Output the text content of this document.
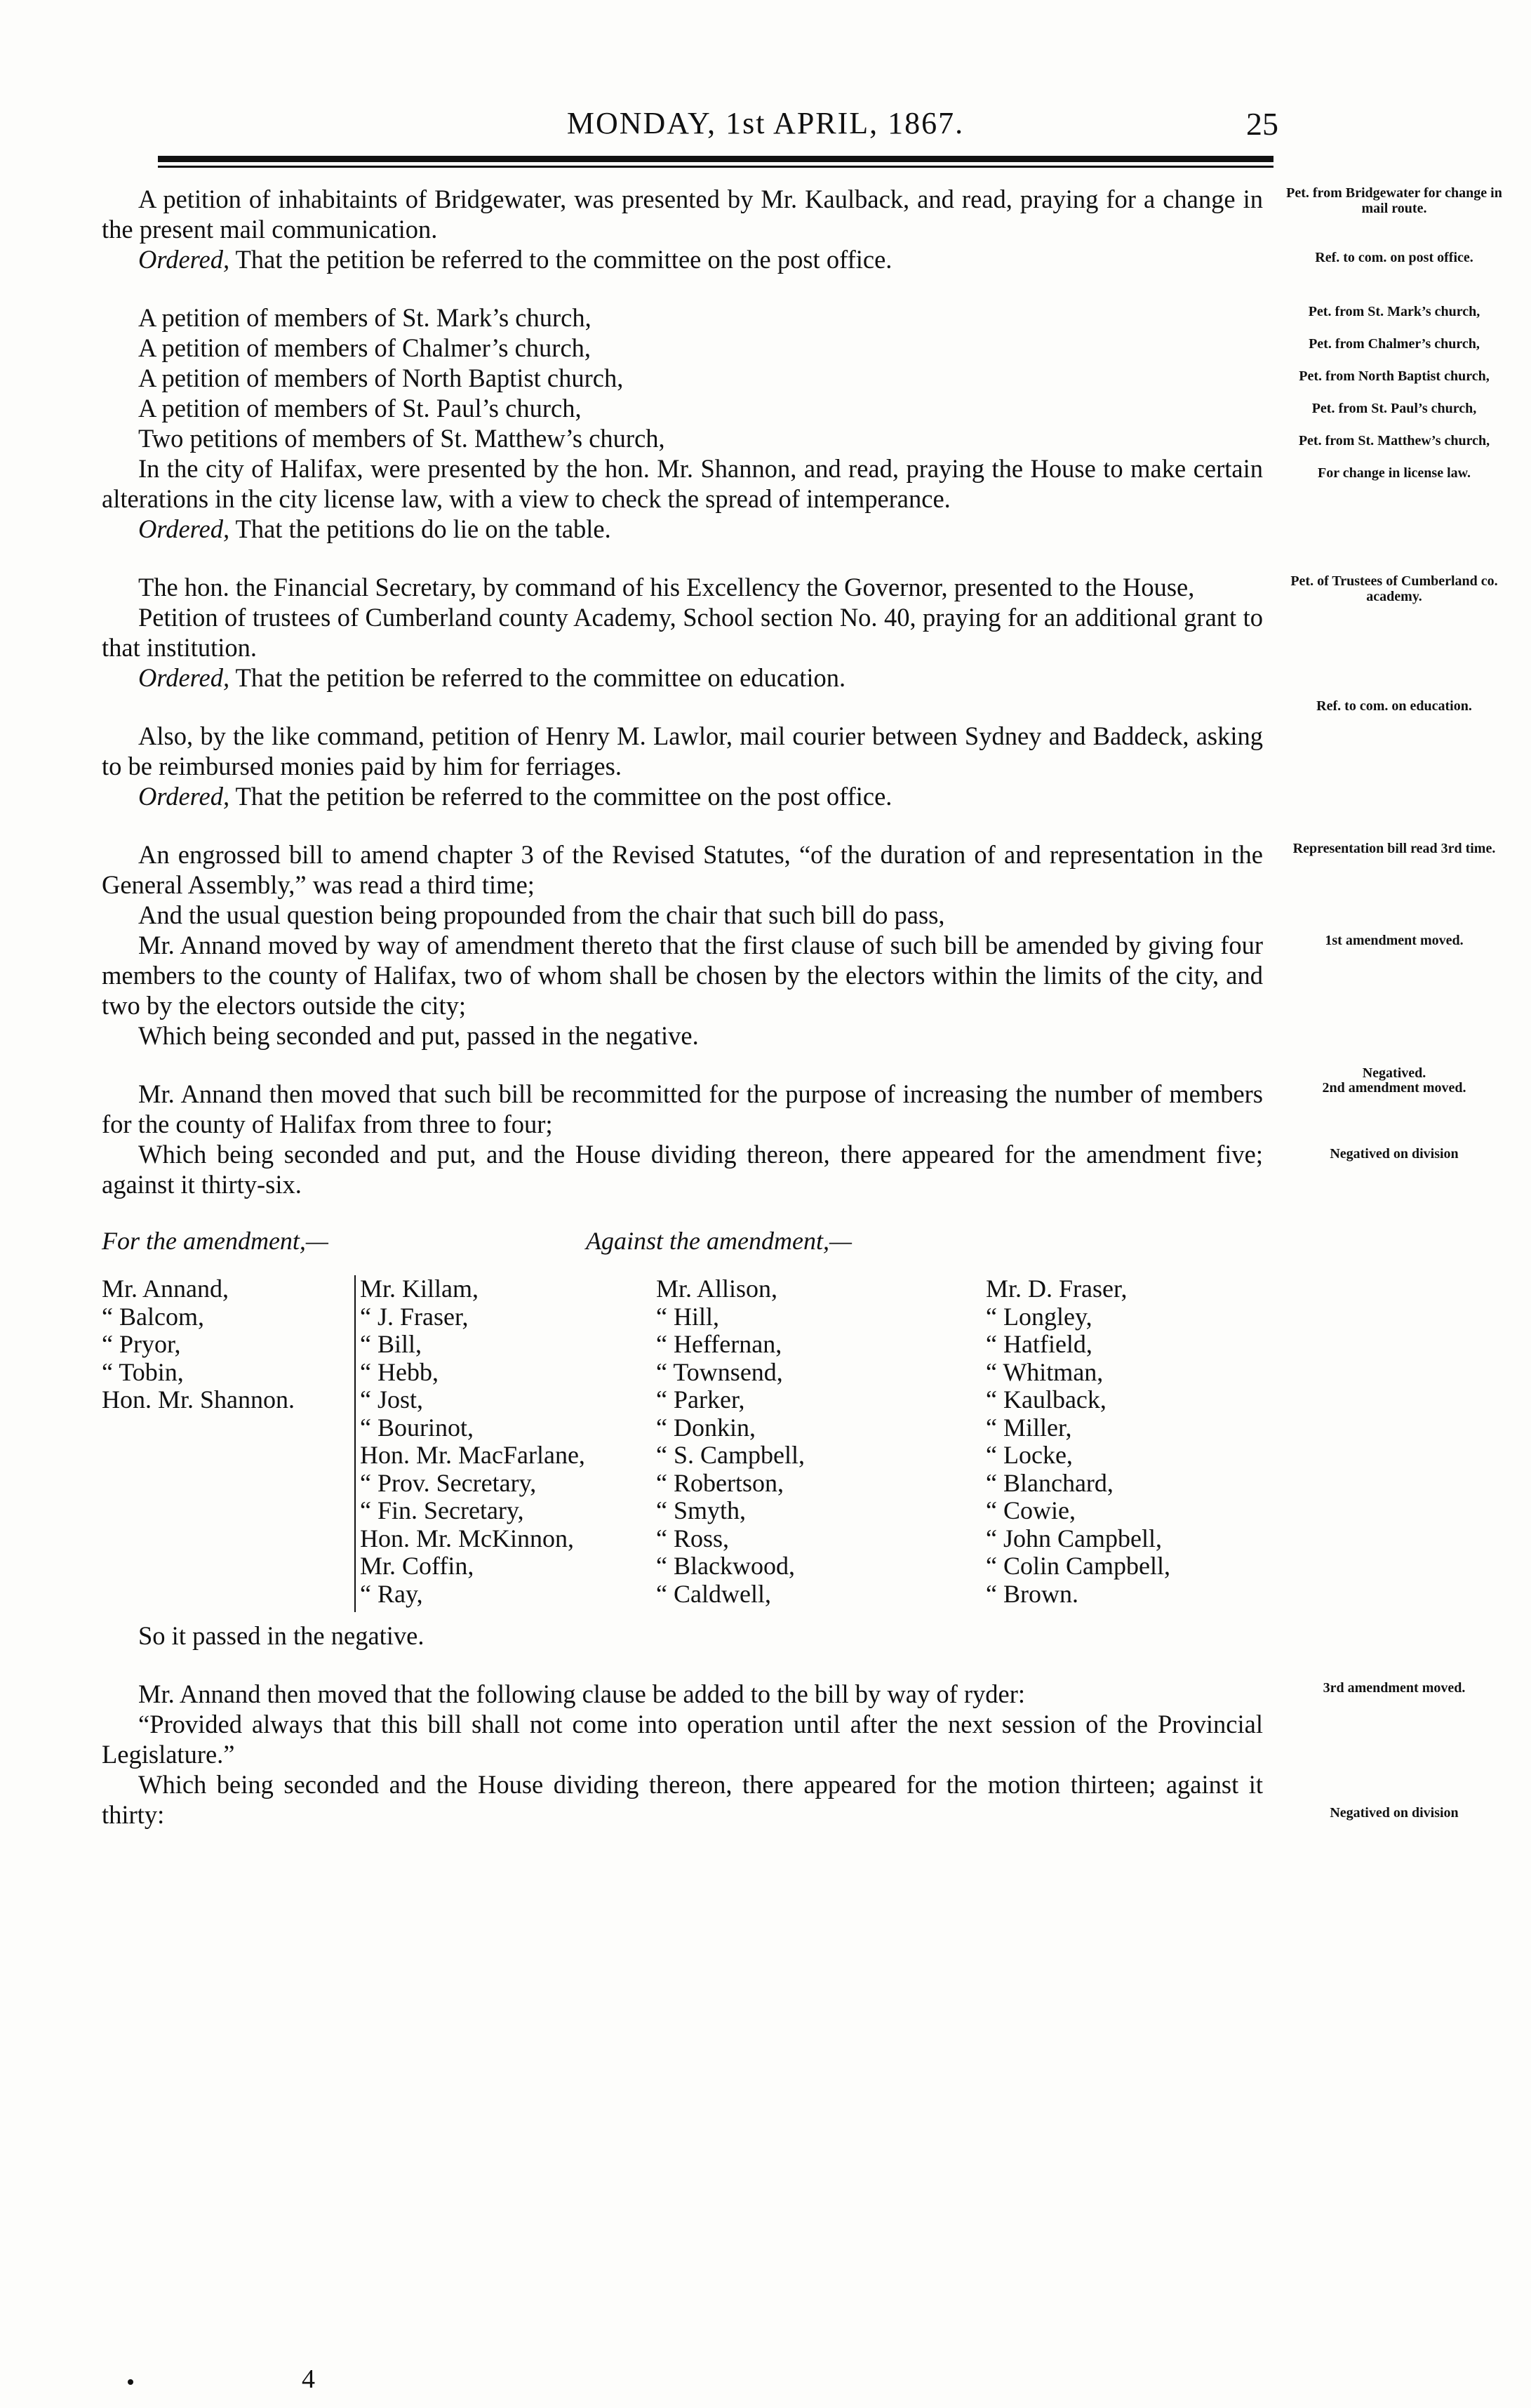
MONDAY, 1st APRIL, 1867.	25

A petition of inhabitaints of Bridgewater, was presented by Mr. Kaulback, and read, praying for a change in the present mail communication.

Ordered, That the petition be referred to the committee on the post office.

Pet. from Bridgewater for change in mail route.
Ref. to com. on post office.

A petition of members of St. Mark’s church,

A petition of members of Chalmer’s church,

A petition of members of North Baptist church,

A petition of members of St. Paul’s church,

Two petitions of members of St. Matthew’s church,

In the city of Halifax, were presented by the hon. Mr. Shannon, and read, praying the House to make certain alterations in the city license law, with a view to check the spread of intemperance.

Ordered, That the petitions do lie on the table.

Pet. from St. Mark’s church,
Pet. from Chalmer’s church,
Pet. from North Baptist church,
Pet. from St. Paul’s church,
Pet. from St. Matthew’s church,
For change in license law.

The hon. the Financial Secretary, by command of his Excellency the Governor, presented to the House,

Petition of trustees of Cumberland county Academy, School section No. 40, praying for an additional grant to that institution.

Ordered, That the petition be referred to the committee on education.

Pet. of Trustees of Cumberland co. academy.
Ref. to com. on education.

Also, by the like command, petition of Henry M. Lawlor, mail courier between Sydney and Baddeck, asking to be reimbursed monies paid by him for ferriages.

Ordered, That the petition be referred to the committee on the post office.

An engrossed bill to amend chapter 3 of the Revised Statutes, “of the duration of and representation in the General Assembly,” was read a third time;

And the usual question being propounded from the chair that such bill do pass,

Mr. Annand moved by way of amendment thereto that the first clause of such bill be amended by giving four members to the county of Halifax, two of whom shall be chosen by the electors within the limits of the city, and two by the electors outside the city;

Which being seconded and put, passed in the negative.

Representation bill read 3rd time.
1st amendment moved.
Negatived.

Mr. Annand then moved that such bill be recommitted for the purpose of increasing the number of members for the county of Halifax from three to four;

Which being seconded and put, and the House dividing thereon, there appeared for the amendment five; against it thirty-six.

2nd amendment moved.
Negatived on division
For the amendment,—	Against the amendment,—
Mr. Annand,
“ Balcom,
“ Pryor,
“ Tobin,
Hon. Mr. Shannon.
Mr. Killam,
“ J. Fraser,
“ Bill,
“ Hebb,
“ Jost,
“ Bourinot,
Hon. Mr. MacFarlane,
“ Prov. Secretary,
“ Fin. Secretary,
Hon. Mr. McKinnon,
Mr. Coffin,
“ Ray,
Mr. Allison,
“ Hill,
“ Heffernan,
“ Townsend,
“ Parker,
“ Donkin,
“ S. Campbell,
“ Robertson,
“ Smyth,
“ Ross,
“ Blackwood,
“ Caldwell,
Mr. D. Fraser,
“ Longley,
“ Hatfield,
“ Whitman,
“ Kaulback,
“ Miller,
“ Locke,
“ Blanchard,
“ Cowie,
“ John Campbell,
“ Colin Campbell,
“ Brown.

So it passed in the negative.

Mr. Annand then moved that the following clause be added to the bill by way of ryder:

“Provided always that this bill shall not come into operation until after the next session of the Provincial Legislature.”

Which being seconded and the House dividing thereon, there appeared for the motion thirteen; against it thirty:

3rd amendment moved.
Negatived on division
4
